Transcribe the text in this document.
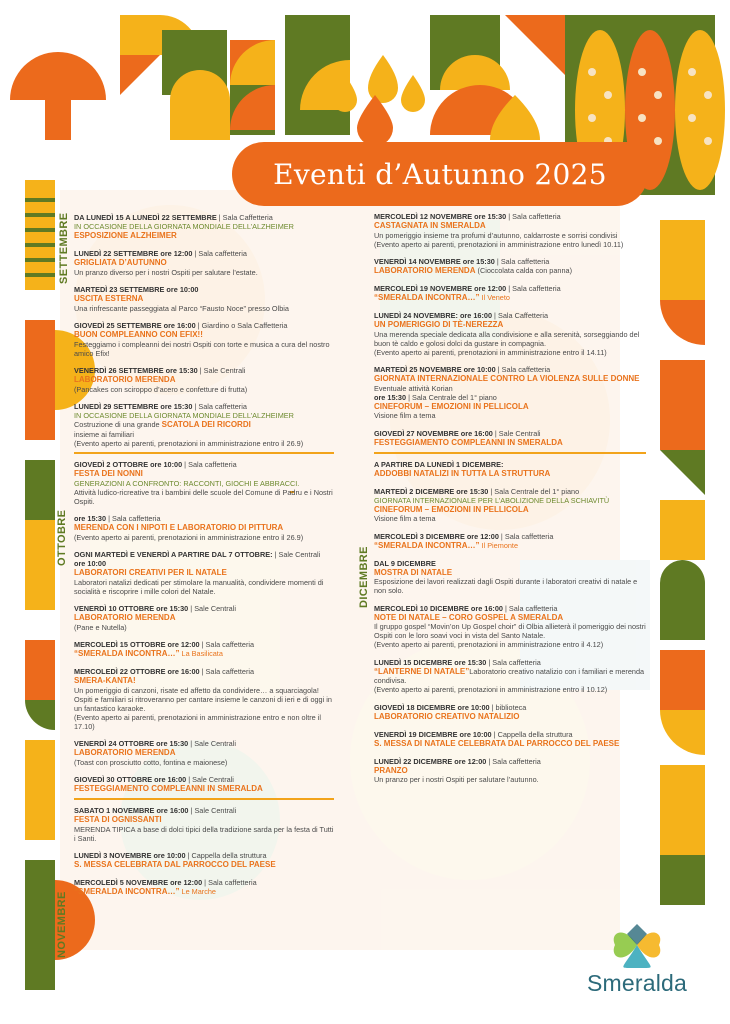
Eventi d’Autunno 2025
SETTEMBRE
OTTOBRE
NOVEMBRE
DICEMBRE
DA LUNEDÌ 15 A LUNEDÌ 22 SETTEMBRE | Sala Caffetteria
IN OCCASIONE DELLA GIORNATA MONDIALE DELL’ALZHEIMER
ESPOSIZIONE ALZHEIMER
LUNEDÌ 22 SETTEMBRE ore 12:00 | Sala caffetteria
GRIGLIATA D’AUTUNNO
Un pranzo diverso per i nostri Ospiti per salutare l’estate.
MARTEDÌ 23 SETTEMBRE ore 10:00
USCITA ESTERNA
Una rinfrescante passeggiata al Parco “Fausto Noce” presso Olbia
GIOVEDÌ 25 SETTEMBRE ore 16:00 | Giardino o Sala Caffetteria
BUON COMPLEANNO CON EFIX!!
Festeggiamo i compleanni dei nostri Ospiti con torte e musica a cura del nostro amico Efix!
VENERDÌ 26 SETTEMBRE ore 15:30 | Sale Centrali
LABORATORIO MERENDA
(Pancakes con sciroppo d’acero e confetture di frutta)
LUNEDÌ 29 SETTEMBRE ore 15:30 | Sala caffetteria
IN OCCASIONE DELLA GIORNATA MONDIALE DELL’ALZHEIMER
Costruzione di una grande SCATOLA DEI RICORDI
insieme ai familiari
(Evento aperto ai parenti, prenotazioni in amministrazione entro il 26.9)
GIOVEDÌ 2 OTTOBRE ore 10:00 | Sala caffetteria
FESTA DEI NONNI
GENERAZIONI A CONFRONTO: RACCONTI, GIOCHI E ABBRACCI.
Attività ludico-ricreative tra i bambini delle scuole del Comune di Padru e i Nostri Ospiti.
ore 15:30 | Sala caffetteria
MERENDA CON I NIPOTI E LABORATORIO DI PITTURA
(Evento aperto ai parenti, prenotazioni in amministrazione entro il 26.9)
OGNI MARTEDÌ E VENERDÌ A PARTIRE DAL 7 OTTOBRE: | Sale Centrali
ore 10:00
LABORATORI CREATIVI PER IL NATALE
Laboratori natalizi dedicati per stimolare la manualità, condividere momenti di socialità e riscoprire i mille colori del Natale.
VENERDÌ 10 OTTOBRE ore 15:30 | Sale Centrali
LABORATORIO MERENDA
(Pane e Nutella)
MERCOLEDÌ 15 OTTOBRE ore 12:00 | Sala caffetteria
“SMERALDA INCONTRA…” La Basilicata
MERCOLEDÌ 22 OTTOBRE ore 16:00 | Sala caffetteria
SMERA-KANTA!
Un pomeriggio di canzoni, risate ed affetto da condividere… a squarciagola! Ospiti e familiari si ritroveranno per cantare insieme le canzoni di ieri e di oggi in un fantastico karaoke.
(Evento aperto ai parenti, prenotazioni in amministrazione entro e non oltre il 17.10)
VENERDÌ 24 OTTOBRE ore 15:30 | Sale Centrali
LABORATORIO MERENDA
(Toast con prosciutto cotto, fontina e maionese)
GIOVEDÌ 30 OTTOBRE ore 16:00 | Sale Centrali
FESTEGGIAMENTO COMPLEANNI IN SMERALDA
SABATO 1 NOVEMBRE ore 16:00 | Sale Centrali
FESTA DI OGNISSANTI
MERENDA TIPICA a base di dolci tipici della tradizione sarda per la festa di Tutti i Santi.
LUNEDÌ 3 NOVEMBRE ore 10:00 | Cappella della struttura
S. MESSA CELEBRATA DAL PARROCCO DEL PAESE
MERCOLEDÌ 5 NOVEMBRE ore 12:00 | Sala caffetteria
“SMERALDA INCONTRA…” Le Marche
MERCOLEDÌ 12 NOVEMBRE ore 15:30 | Sala caffetteria
CASTAGNATA IN SMERALDA
Un pomeriggio insieme tra profumi d’autunno, caldarroste e sorrisi condivisi
(Evento aperto ai parenti, prenotazioni in amministrazione entro lunedì 10.11)
VENERDÌ 14 NOVEMBRE ore 15:30 | Sala caffetteria
LABORATORIO MERENDA (Cioccolata calda con panna)
MERCOLEDÌ 19 NOVEMBRE ore 12:00 | Sala caffetteria
“SMERALDA INCONTRA…” Il Veneto
LUNEDÌ 24 NOVEMBRE: ore 16:00 | Sala Caffetteria
UN POMERIGGIO DI TÈ-NEREZZA
Una merenda speciale dedicata alla condivisione e alla serenità, sorseggiando del buon tè caldo e golosi dolci da gustare in compagnia.
(Evento aperto ai parenti, prenotazioni in amministrazione entro il 14.11)
MARTEDÌ 25 NOVEMBRE ore 10:00 | Sala caffetteria
GIORNATA INTERNAZIONALE CONTRO LA VIOLENZA SULLE DONNE
Eventuale attività Korian
ore 15:30 | Sala Centrale del 1° piano
CINEFORUM – EMOZIONI IN PELLICOLA
Visione film a tema
GIOVEDÌ 27 NOVEMBRE ore 16:00 | Sale Centrali
FESTEGGIAMENTO COMPLEANNI IN SMERALDA
A PARTIRE DA LUNEDÌ 1 DICEMBRE:
ADDOBBI NATALIZI IN TUTTA LA STRUTTURA
MARTEDÌ 2 DICEMBRE ore 15:30 | Sala Centrale del 1° piano
GIORNATA INTERNAZIONALE PER L’ABOLIZIONE DELLA SCHIAVITÙ
CINEFORUM – EMOZIONI IN PELLICOLA
Visione film a tema
MERCOLEDÌ 3 DICEMBRE ore 12:00 | Sala caffetteria
“SMERALDA INCONTRA…” Il Piemonte
DAL 9 DICEMBRE
MOSTRA DI NATALE
Esposizione dei lavori realizzati dagli Ospiti durante i laboratori creativi di natale e non solo.
MERCOLEDÌ 10 DICEMBRE ore 16:00 | Sala caffetteria
NOTE DI NATALE – CORO GOSPEL A SMERALDA
Il gruppo gospel “Movin’on Up Gospel choir” di Olbia allieterà il pomeriggio dei nostri Ospiti con le loro soavi voci in vista del Santo Natale.
(Evento aperto ai parenti, prenotazioni in amministrazione entro il 4.12)
LUNEDÌ 15 DICEMBRE ore 15:30 | Sala caffetteria
“LANTERNE DI NATALE”Laboratorio creativo natalizio con i familiari e merenda condivisa.
(Evento aperto ai parenti, prenotazioni in amministrazione entro il 10.12)
GIOVEDÌ 18 DICEMBRE ore 10:00 | biblioteca
LABORATORIO CREATIVO NATALIZIO
VENERDÌ 19 DICEMBRE ore 10:00 | Cappella della struttura
S. MESSA DI NATALE CELEBRATA DAL PARROCCO DEL PAESE
LUNEDÌ 22 DICEMBRE ore 12:00 | Sala caffetteria
PRANZO
Un pranzo per i nostri Ospiti per salutare l’autunno.
Smeralda
